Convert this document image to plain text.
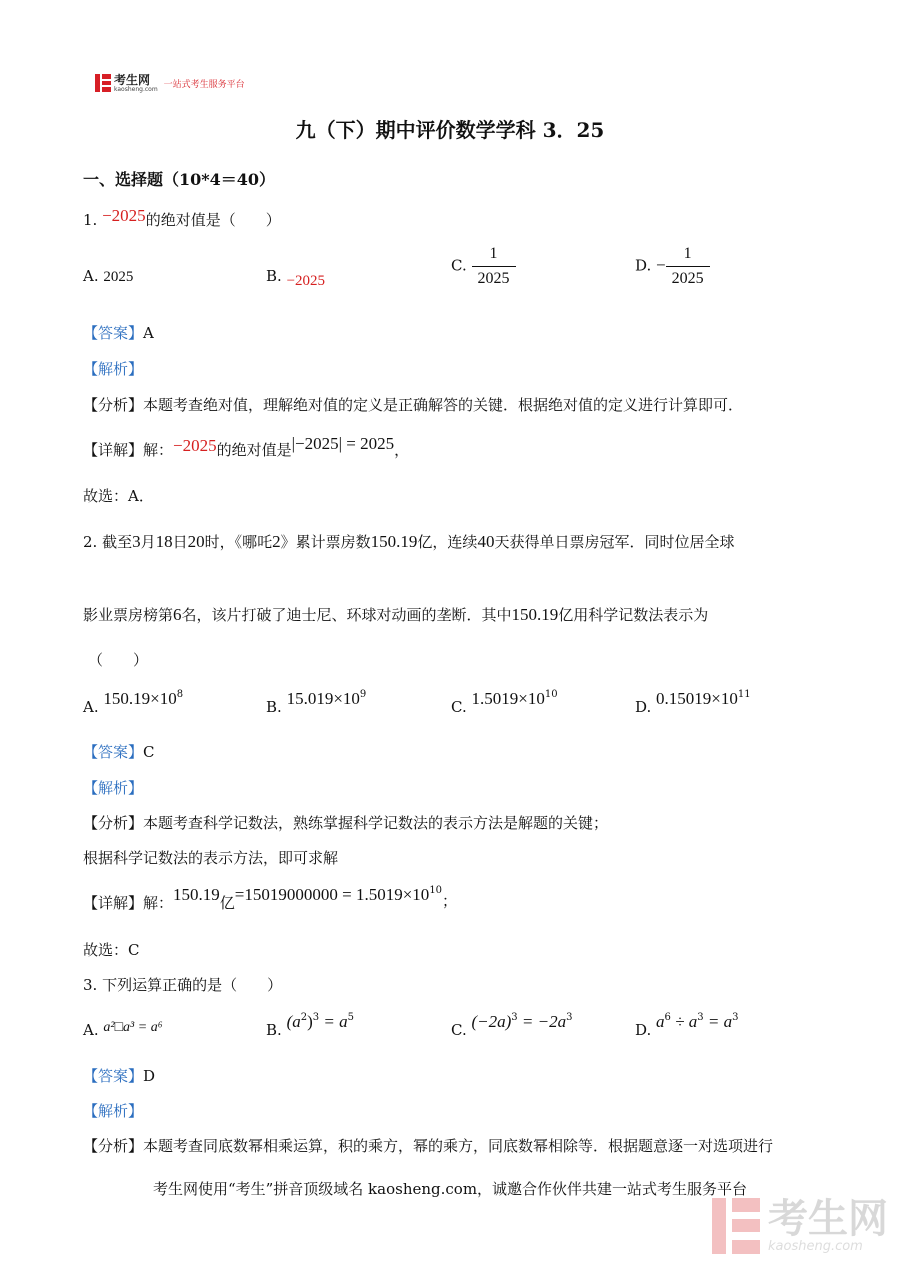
考生网
kaosheng.com 一站式考生服务平台
九（下）期中评价数学学科 3．25
一、选择题（10*4＝40）
1. −2025的绝对值是（　　）
A. 2025	B. −2025
C. $\frac{1}{2025}$	D. − $\frac{1}{2025}$
【答案】A
【解析】
【分析】本题考查绝对值，理解绝对值的定义是正确解答的关键．根据绝对值的定义进行计算即可．
【详解】解：−2025的绝对值是|−2025| = 2025，
故选：A．
2. 截至3月18日20时，《哪吒2》累计票房数150.19亿，连续40天获得单日票房冠军．同时位居全球
影业票房榜第6名，该片打破了迪士尼、环球对动画的垄断．其中150.19亿用科学记数法表示为
（　　）
A. $150.19\times 10^8$
B. $15.019\times 10^9$
C. $1.5019\times 10^{10}$
D. $0.15019\times 10^{11}$
【答案】C
【解析】
【分析】本题考查科学记数法，熟练掌握科学记数法的表示方法是解题的关键；
根据科学记数法的表示方法，即可求解
【详解】解：150.19亿$=15019000000 = 1.5019\times 10^{10}$；
故选：C
3. 下列运算正确的是（　　）
A. a²□a³ = a⁶	B. $(a^2)^3 = a^5$
C. $(-2a)^3 = -2a^3$
D. $a^6 \div a^3 = a^3$
【答案】D
【解析】
【分析】本题考查同底数幂相乘运算，积的乘方，幂的乘方，同底数幂相除等．根据题意逐一对选项进行
考生网使用“考生”拼音顶级域名 kaosheng.com，诚邀合作伙伴共建一站式考生服务平台
考生网
kaosheng.com
